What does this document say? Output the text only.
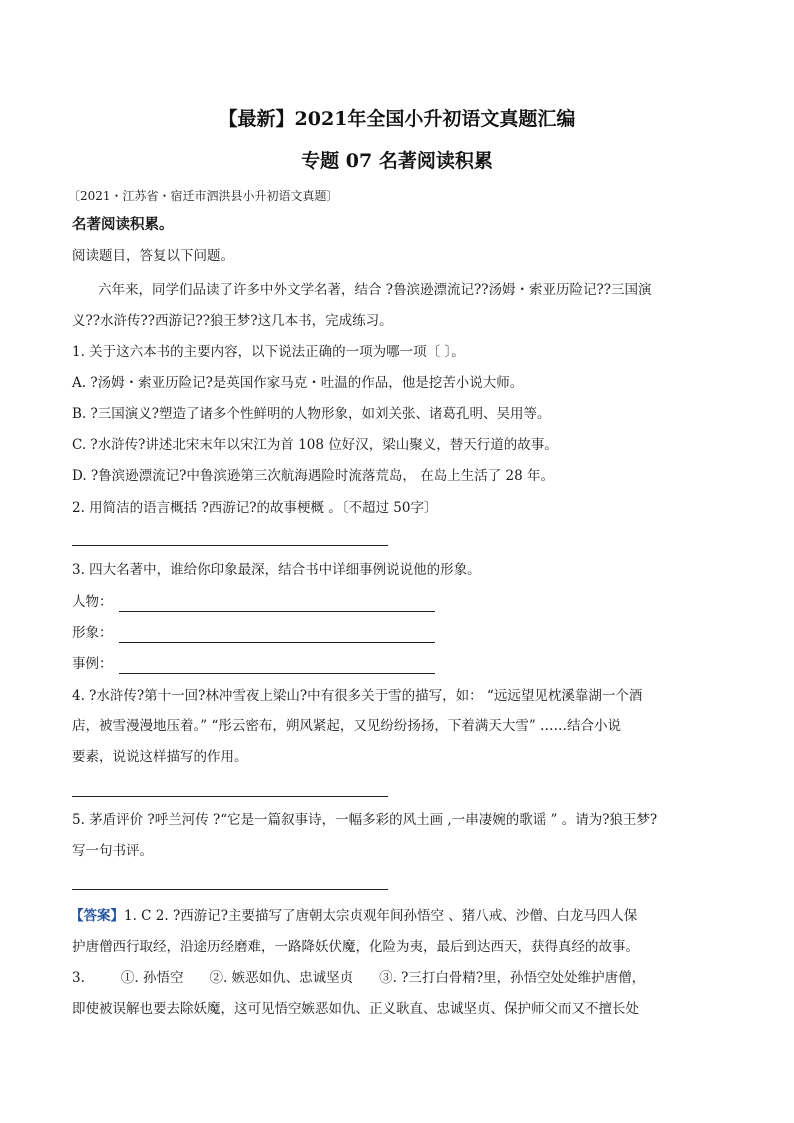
【最新】2021年全国小升初语文真题汇编
专题 07 名著阅读积累
〔2021・江苏省・宿迁市泗洪县小升初语文真题〕
名著阅读积累。
阅读题目，答复以下问题。
六年来，同学们品读了许多中外文学名著，结合 ?鲁滨逊漂流记??汤姆・索亚历险记??三国演
义??水浒传??西游记??狼王梦?这几本书，完成练习。
1. 关于这六本书的主要内容，以下说法正确的一项为哪一项〔 〕。
A. ?汤姆・索亚历险记?是英国作家马克・吐温的作品，他是挖苦小说大师。
B. ?三国演义?塑造了诸多个性鲜明的人物形象，如刘关张、诸葛孔明、吴用等。
C. ?水浒传?讲述北宋末年以宋江为首 108 位好汉，梁山聚义，替天行道的故事。
D. ?鲁滨逊漂流记?中鲁滨逊第三次航海遇险时流落荒岛， 在岛上生活了 28 年。
2. 用简洁的语言概括 ?西游记?的故事梗概 。〔不超过 50字〕
3. 四大名著中，谁给你印象最深，结合书中详细事例说说他的形象。
人物：
形象：
事例：
4. ?水浒传?第十一回?林冲雪夜上梁山?中有很多关于雪的描写，如： “远远望见枕溪靠湖一个酒
店，被雪漫漫地压着。” “彤云密布，朔风紧起，又见纷纷扬扬，下着满天大雪” ……结合小说
要素，说说这样描写的作用。
5. 茅盾评价 ?呼兰河传 ?“它是一篇叙事诗，一幅多彩的风土画 ,一串凄婉的歌谣 ” 。请为?狼王梦?
写一句书评。
【答案】1. C 2. ?西游记?主要描写了唐朝太宗贞观年间孙悟空 、猪八戒、沙僧、白龙马四人保
护唐僧西行取经，沿途历经磨难，一路降妖伏魔，化险为夷，最后到达西天，获得真经的故事。
3.	①. 孙悟空 ②. 嫉恶如仇、忠诚坚贞 ③. ?三打白骨精?里，孙悟空处处维护唐僧，
即使被误解也要去除妖魔，这可见悟空嫉恶如仇、正义耿直、忠诚坚贞、保护师父而又不擅长处
